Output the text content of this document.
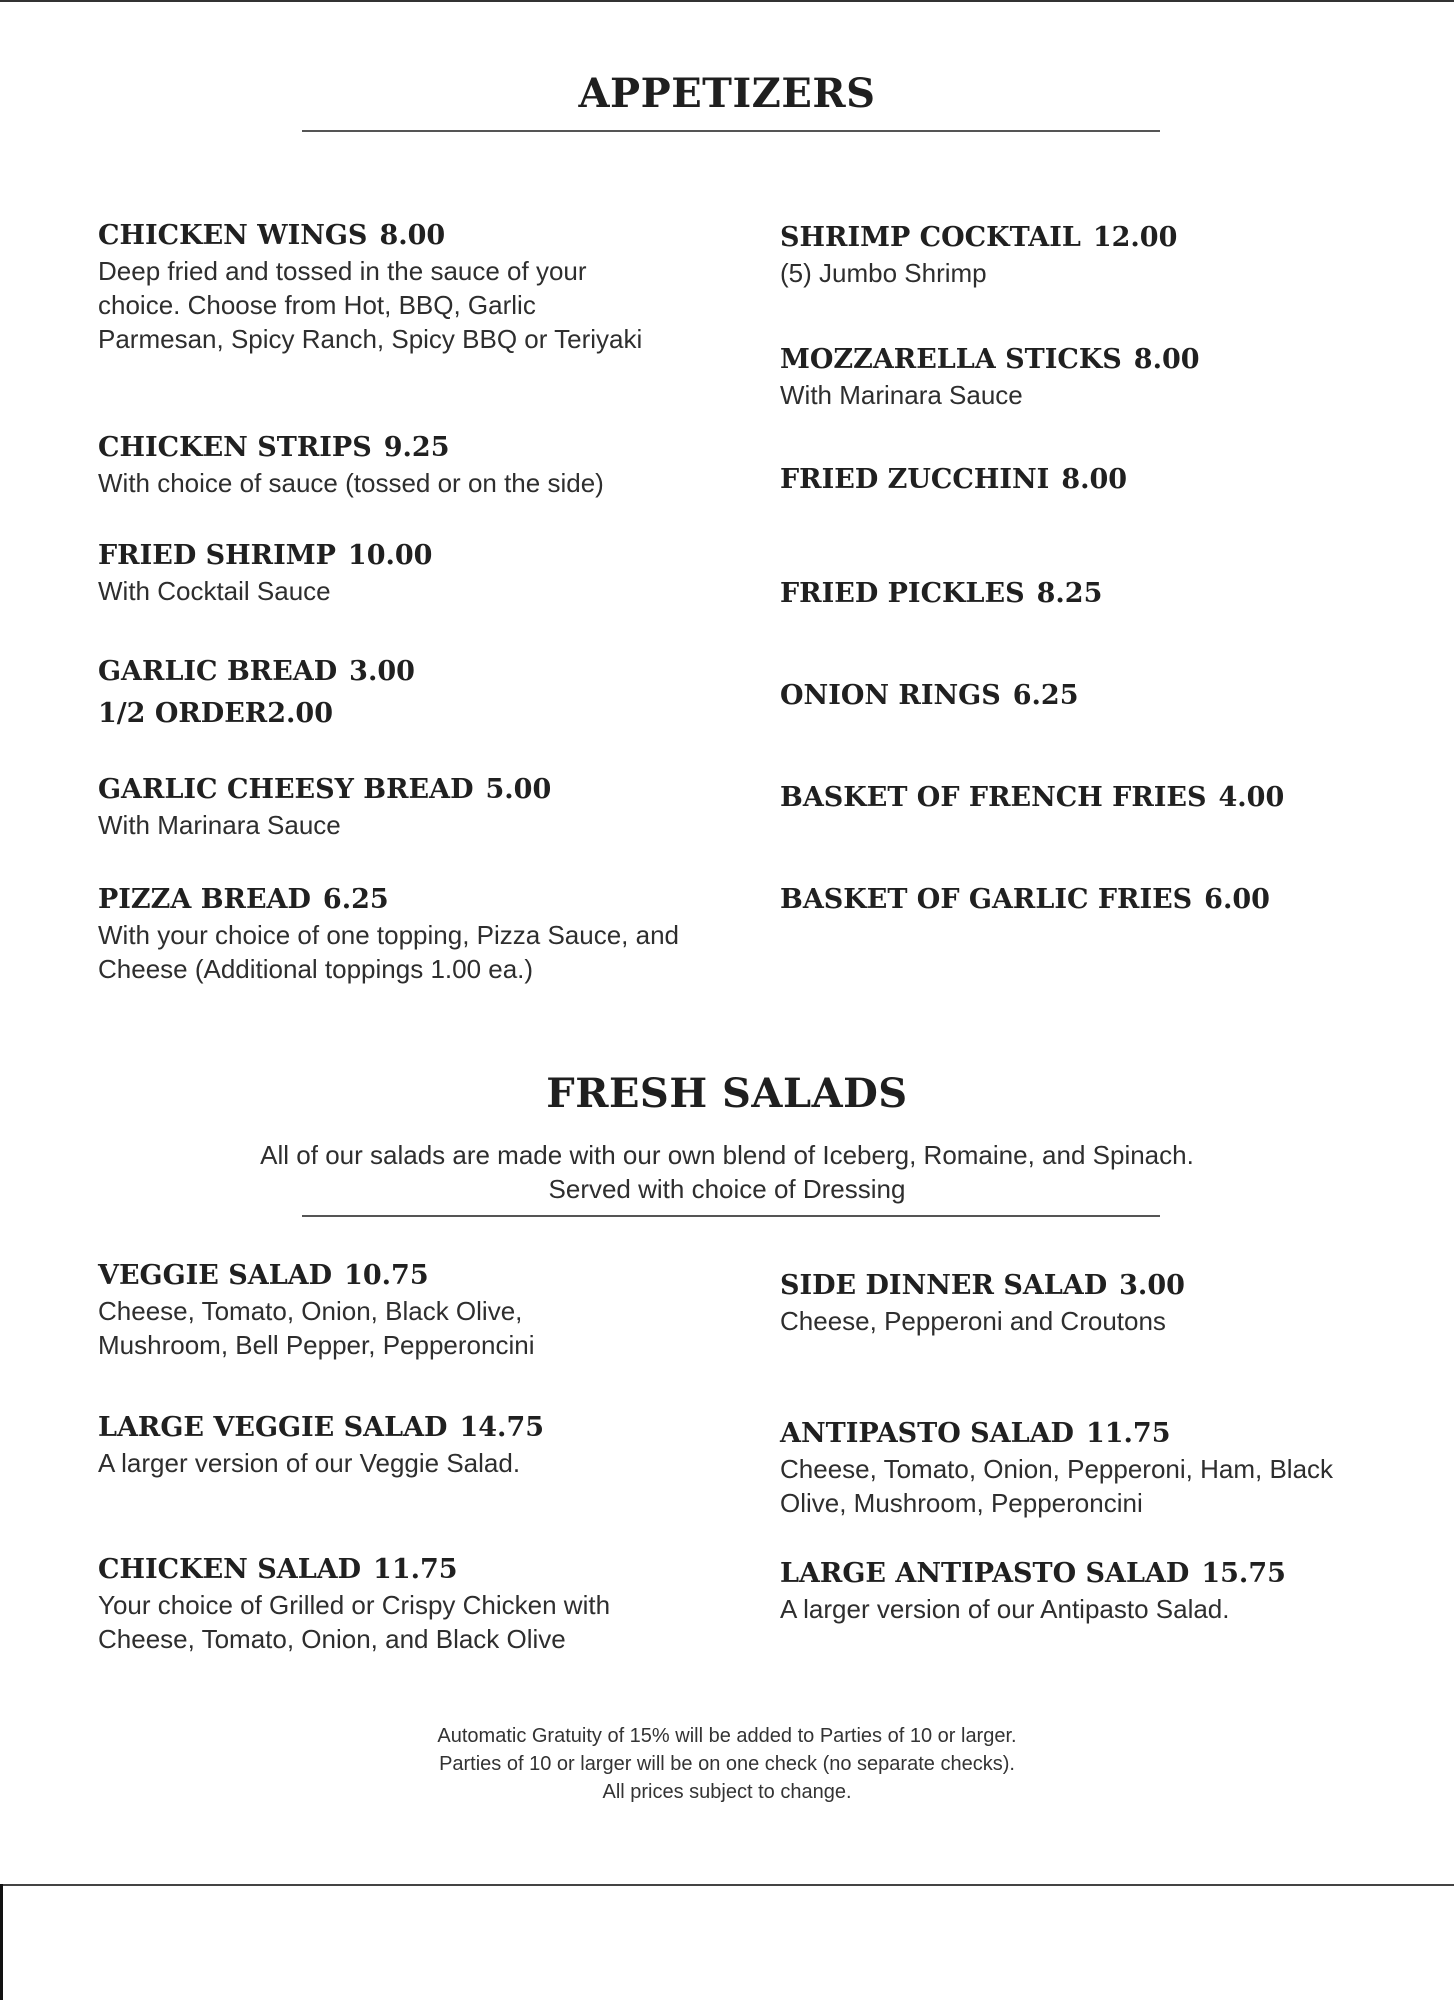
APPETIZERS
CHICKEN WINGS 8.00
Deep fried and tossed in the sauce of your choice. Choose from Hot, BBQ, Garlic Parmesan, Spicy Ranch, Spicy BBQ or Teriyaki
CHICKEN STRIPS 9.25
With choice of sauce (tossed or on the side)
FRIED SHRIMP 10.00
With Cocktail Sauce
GARLIC BREAD 3.00
1/2 ORDER2.00
GARLIC CHEESY BREAD 5.00
With Marinara Sauce
PIZZA BREAD 6.25
With your choice of one topping, Pizza Sauce, and Cheese (Additional toppings 1.00 ea.)
SHRIMP COCKTAIL 12.00
(5) Jumbo Shrimp
MOZZARELLA STICKS 8.00
With Marinara Sauce
FRIED ZUCCHINI 8.00
FRIED PICKLES 8.25
ONION RINGS 6.25
BASKET OF FRENCH FRIES 4.00
BASKET OF GARLIC FRIES 6.00
FRESH SALADS
All of our salads are made with our own blend of Iceberg, Romaine, and Spinach.
Served with choice of Dressing
VEGGIE SALAD 10.75
Cheese, Tomato, Onion, Black Olive, Mushroom, Bell Pepper, Pepperoncini
LARGE VEGGIE SALAD 14.75
A larger version of our Veggie Salad.
CHICKEN SALAD 11.75
Your choice of Grilled or Crispy Chicken with Cheese, Tomato, Onion, and Black Olive
SIDE DINNER SALAD 3.00
Cheese, Pepperoni and Croutons
ANTIPASTO SALAD 11.75
Cheese, Tomato, Onion, Pepperoni, Ham, Black Olive, Mushroom, Pepperoncini
LARGE ANTIPASTO SALAD 15.75
A larger version of our Antipasto Salad.
Automatic Gratuity of 15% will be added to Parties of 10 or larger.
Parties of 10 or larger will be on one check (no separate checks).
All prices subject to change.
